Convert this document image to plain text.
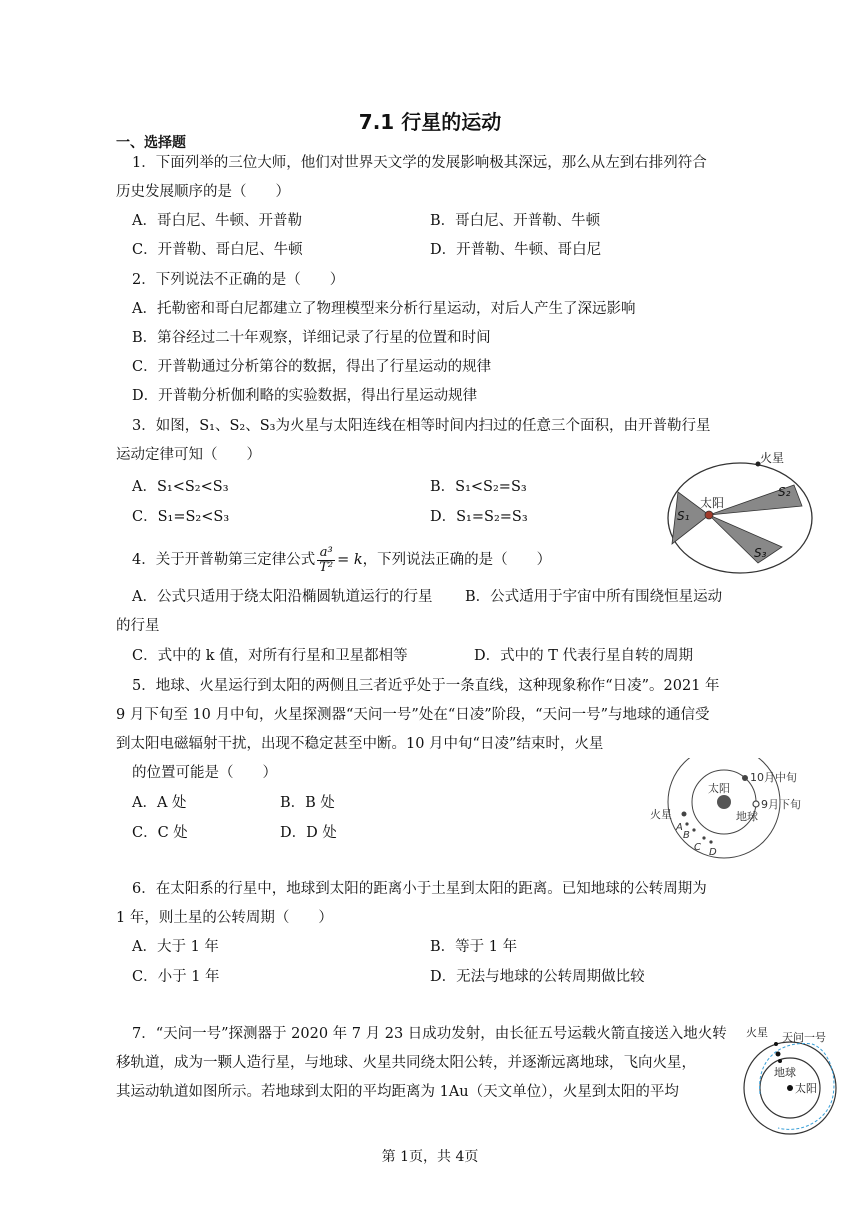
7.1 行星的运动
一、选择题
1．下面列举的三位大师，他们对世界天文学的发展影响极其深远，那么从左到右排列符合
历史发展顺序的是（　　）
A．哥白尼、牛顿、开普勒	B．哥白尼、开普勒、牛顿
C．开普勒、哥白尼、牛顿	D．开普勒、牛顿、哥白尼
2．下列说法不正确的是（　　）
A．托勒密和哥白尼都建立了物理模型来分析行星运动，对后人产生了深远影响
B．第谷经过二十年观察，详细记录了行星的位置和时间
C．开普勒通过分析第谷的数据，得出了行星运动的规律
D．开普勒分析伽利略的实验数据，得出行星运动规律
3．如图，S₁、S₂、S₃为火星与太阳连线在相等时间内扫过的任意三个面积，由开普勒行星
运动定律可知（　　）
A．S₁<S₂<S₃	B．S₁<S₂=S₃
C．S₁=S₂<S₃	D．S₁=S₂=S₃
火星
太阳
S₁
S₂
S₃
4．关于开普勒第三定律公式 $\frac{\text{a³}}{\text{T²}} = k$，下列说法正确的是（　　）
A．公式只适用于绕太阳沿椭圆轨道运行的行星 B．公式适用于宇宙中所有围绕恒星运动
的行星
C．式中的 k 值，对所有行星和卫星都相等	D．式中的 T 代表行星自转的周期
5．地球、火星运行到太阳的两侧且三者近乎处于一条直线，这种现象称作“日凌”。2021 年
9 月下旬至 10 月中旬，火星探测器“天问一号”处在“日凌”阶段，“天问一号”与地球的通信受
到太阳电磁辐射干扰，出现不稳定甚至中断。10 月中旬“日凌”结束时，火星
的位置可能是（　　）
A．A 处	B．B 处
C．C 处	D．D 处
10月中旬
太阳
9月下旬
火星	地球
A
B
C D
6．在太阳系的行星中，地球到太阳的距离小于土星到太阳的距离。已知地球的公转周期为
1 年，则土星的公转周期（　　）
A．大于 1 年	B．等于 1 年
C．小于 1 年	D．无法与地球的公转周期做比较
7．“天问一号”探测器于 2020 年 7 月 23 日成功发射，由长征五号运载火箭直接送入地火转
移轨道，成为一颗人造行星，与地球、火星共同绕太阳公转，并逐渐远离地球，飞向火星，
其运动轨道如图所示。若地球到太阳的平均距离为 1Au（天文单位），火星到太阳的平均
火星 天问一号
地球
太阳
第 1页，共 4页
